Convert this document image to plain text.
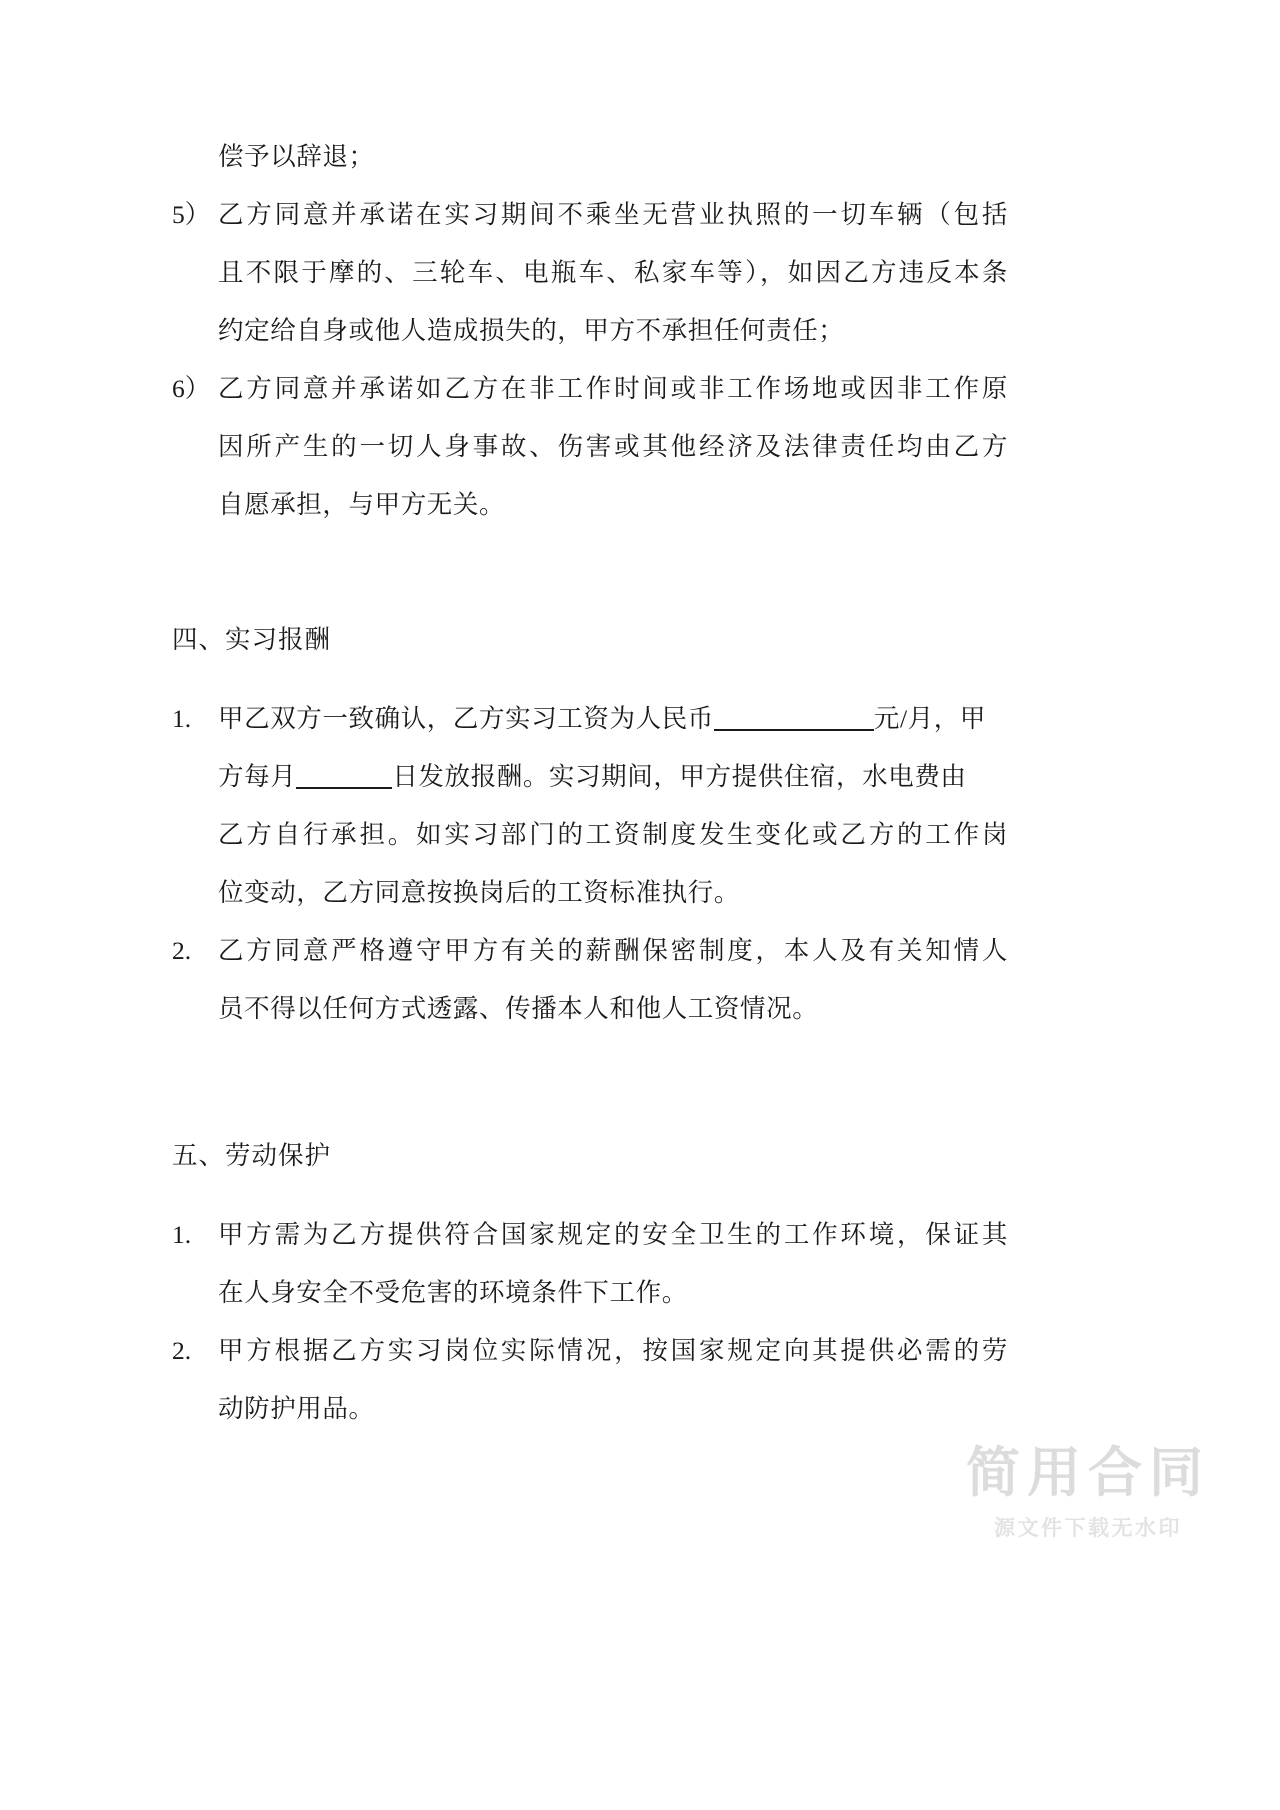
偿予以辞退；
5） 乙方同意并承诺在实习期间不乘坐无营业执照的一切车辆（包括
且不限于摩的、三轮车、电瓶车、私家车等），如因乙方违反本条
约定给自身或他人造成损失的，甲方不承担任何责任；
6） 乙方同意并承诺如乙方在非工作时间或非工作场地或因非工作原
因所产生的一切人身事故、伤害或其他经济及法律责任均由乙方
自愿承担，与甲方无关。
四、实习报酬
1.	甲乙双方一致确认，乙方实习工资为人民币	元/月，甲
方每月	日发放报酬。实习期间，甲方提供住宿，水电费由
乙方自行承担。如实习部门的工资制度发生变化或乙方的工作岗
位变动，乙方同意按换岗后的工资标准执行。
2.	乙方同意严格遵守甲方有关的薪酬保密制度，本人及有关知情人
员不得以任何方式透露、传播本人和他人工资情况。
五、劳动保护
1.	甲方需为乙方提供符合国家规定的安全卫生的工作环境，保证其
在人身安全不受危害的环境条件下工作。
2.	甲方根据乙方实习岗位实际情况，按国家规定向其提供必需的劳
动防护用品。
简用合同
源文件下载无水印
